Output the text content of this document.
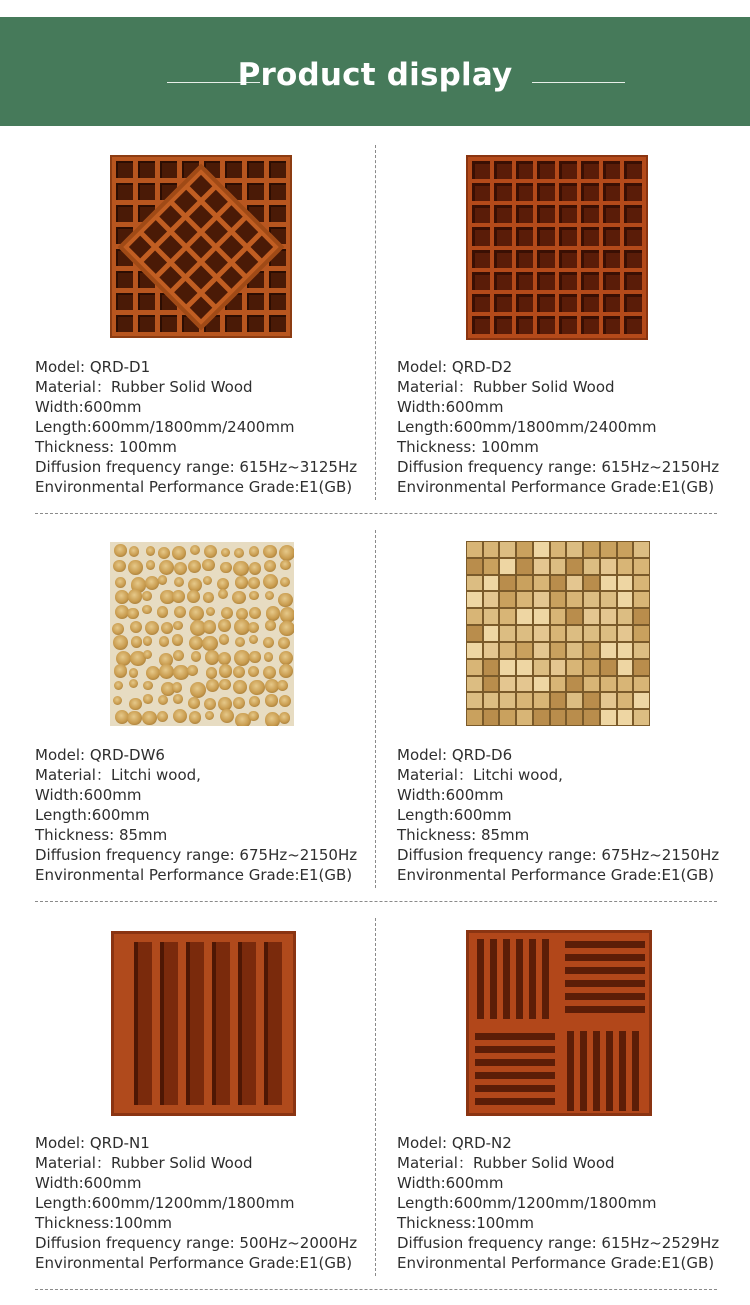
Product display
Model: QRD-D1
Material：Rubber Solid Wood
Width:600mm
Length:600mm/1800mm/2400mm
Thickness: 100mm
Diffusion frequency range: 615Hz~3125Hz
Environmental Performance Grade:E1(GB)
Model: QRD-D2
Material：Rubber Solid Wood
Width:600mm
Length:600mm/1800mm/2400mm
Thickness: 100mm
Diffusion frequency range: 615Hz~2150Hz
Environmental Performance Grade:E1(GB)
Model: QRD-DW6
Material：Litchi wood,
Width:600mm
Length:600mm
Thickness: 85mm
Diffusion frequency range: 675Hz~2150Hz
Environmental Performance Grade:E1(GB)
Model: QRD-D6
Material：Litchi wood,
Width:600mm
Length:600mm
Thickness: 85mm
Diffusion frequency range: 675Hz~2150Hz
Environmental Performance Grade:E1(GB)
Model: QRD-N1
Material：Rubber Solid Wood
Width:600mm
Length:600mm/1200mm/1800mm
Thickness:100mm
Diffusion frequency range: 500Hz~2000Hz
Environmental Performance Grade:E1(GB)
Model: QRD-N2
Material：Rubber Solid Wood
Width:600mm
Length:600mm/1200mm/1800mm
Thickness:100mm
Diffusion frequency range: 615Hz~2529Hz
Environmental Performance Grade:E1(GB)
